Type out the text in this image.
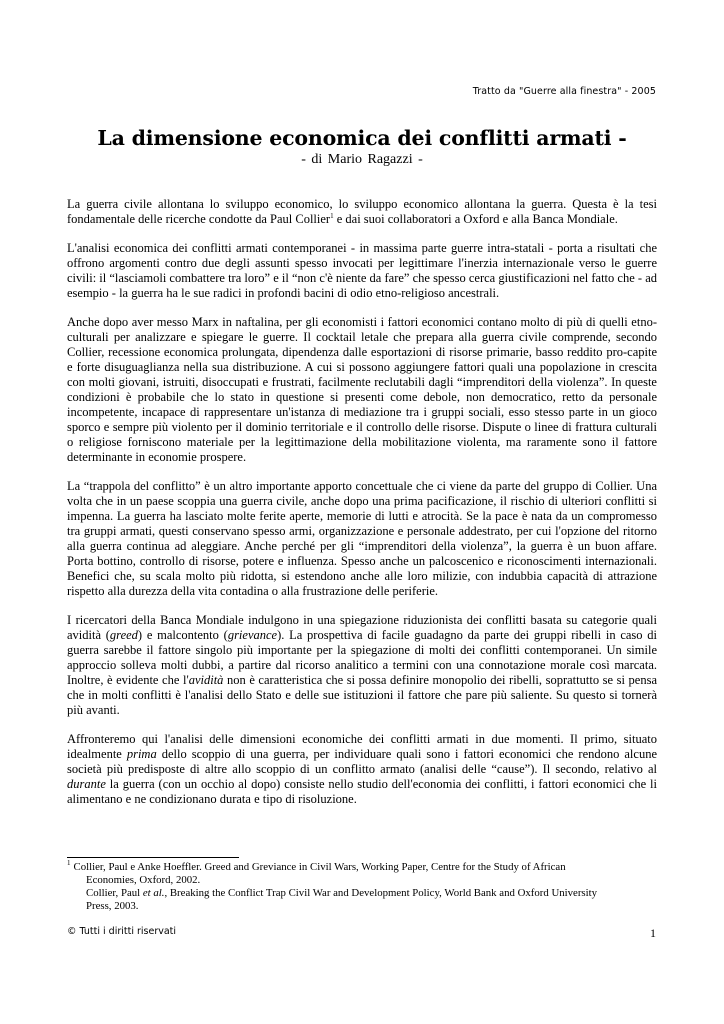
Tratto da "Guerre alla finestra" - 2005
La dimensione economica dei conflitti armati -
- di Mario Ragazzi -

La guerra civile allontana lo sviluppo economico, lo sviluppo economico allontana la guerra. Questa è la tesi fondamentale delle ricerche condotte da Paul Collier$^1$ e dai suoi collaboratori a Oxford e alla Banca Mondiale.

L'analisi economica dei conflitti armati contemporanei - in massima parte guerre intra-statali - porta a risultati che offrono argomenti contro due degli assunti spesso invocati per legittimare l'inerzia internazionale verso le guerre civili: il “lasciamoli combattere tra loro” e il “non c'è niente da fare” che spesso cerca giustificazioni nel fatto che - ad esempio - la guerra ha le sue radici in profondi bacini di odio etno-religioso ancestrali.

Anche dopo aver messo Marx in naftalina, per gli economisti i fattori economici contano molto di più di quelli etno-culturali per analizzare e spiegare le guerre. Il cocktail letale che prepara alla guerra civile comprende, secondo Collier, recessione economica prolungata, dipendenza dalle esportazioni di risorse primarie, basso reddito pro-capite e forte disuguaglianza nella sua distribuzione. A cui si possono aggiungere fattori quali una popolazione in crescita con molti giovani, istruiti, disoccupati e frustrati, facilmente reclutabili dagli “imprenditori della violenza”. In queste condizioni è probabile che lo stato in questione si presenti come debole, non democratico, retto da personale incompetente, incapace di rappresentare un'istanza di mediazione tra i gruppi sociali, esso stesso parte in un gioco sporco e sempre più violento per il dominio territoriale e il controllo delle risorse. Dispute o linee di frattura culturali o religiose forniscono materiale per la legittimazione della mobilitazione violenta, ma raramente sono il fattore determinante in economie prospere.

La “trappola del conflitto” è un altro importante apporto concettuale che ci viene da parte del gruppo di Collier. Una volta che in un paese scoppia una guerra civile, anche dopo una prima pacificazione, il rischio di ulteriori conflitti si impenna. La guerra ha lasciato molte ferite aperte, memorie di lutti e atrocità. Se la pace è nata da un compromesso tra gruppi armati, questi conservano spesso armi, organizzazione e personale addestrato, per cui l'opzione del ritorno alla guerra continua ad aleggiare. Anche perché per gli “imprenditori della violenza”, la guerra è un buon affare. Porta bottino, controllo di risorse, potere e influenza. Spesso anche un palcoscenico e riconoscimenti internazionali. Benefici che, su scala molto più ridotta, si estendono anche alle loro milizie, con indubbia capacità di attrazione rispetto alla durezza della vita contadina o alla frustrazione delle periferie.

I ricercatori della Banca Mondiale indulgono in una spiegazione riduzionista dei conflitti basata su categorie quali avidità (greed) e malcontento (grievance). La prospettiva di facile guadagno da parte dei gruppi ribelli in caso di guerra sarebbe il fattore singolo più importante per la spiegazione di molti dei conflitti contemporanei. Un simile approccio solleva molti dubbi, a partire dal ricorso analitico a termini con una connotazione morale così marcata. Inoltre, è evidente che l'avidità non è caratteristica che si possa definire monopolio dei ribelli, soprattutto se si pensa che in molti conflitti è l'analisi dello Stato e delle sue istituzioni il fattore che pare più saliente. Su questo si tornerà più avanti.

Affronteremo qui l'analisi delle dimensioni economiche dei conflitti armati in due momenti. Il primo, situato idealmente prima dello scoppio di una guerra, per individuare quali sono i fattori economici che rendono alcune società più predisposte di altre allo scoppio di un conflitto armato (analisi delle “cause”). Il secondo, relativo al durante la guerra (con un occhio al dopo) consiste nello studio dell'economia dei conflitti, i fattori economici che li alimentano e ne condizionano durata e tipo di risoluzione.

$^1$ Collier, Paul e Anke Hoeffler. Greed and Greviance in Civil Wars, Working Paper, Centre for the Study of African

Economies, Oxford, 2002.

Collier, Paul et al., Breaking the Conflict Trap Civil War and Development Policy, World Bank and Oxford University

Press, 2003.

© Tutti i diritti riservati	1
